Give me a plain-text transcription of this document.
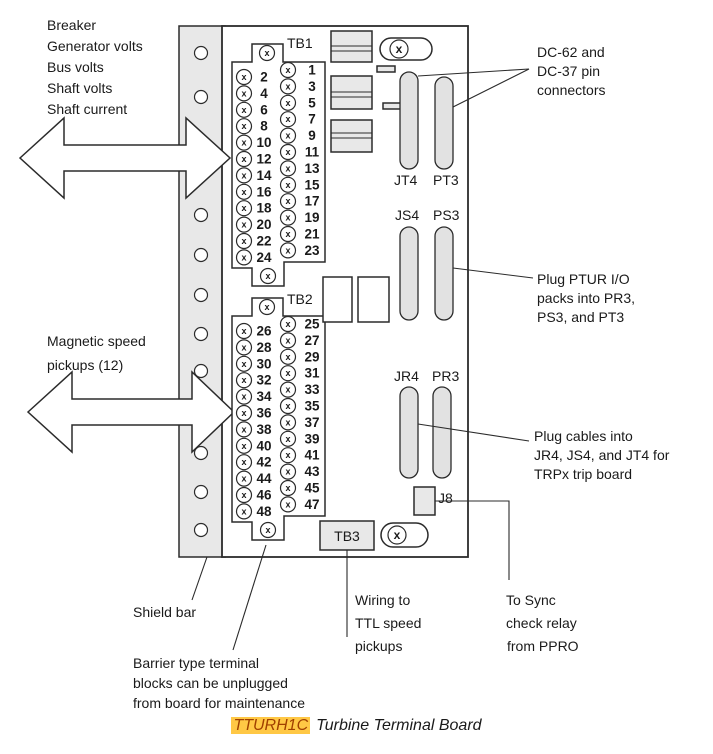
TB1
x
x
x 2
x 4
x 6
x 8
x 10
x 12
x 14
x 16
x 18
x 20
x 22
x 24
x 1
x 3
x 5
x 7
x 9
x 11
x 13
x 15
x 17
x 19
x 21
x 23
TB2
x
x
x 26
x 28
x 30
x 32
x 34
x 36
x 38
x 40
x 42
x 44
x 46
x 48
x 25
x 27
x 29
x 31
x 33
x 35
x 37
x 39
x 41
x 43
x 45
x 47
x
JT4 PT3
JS4 PS3
JR4 PR3
J8
TB3	x
Breaker
Generator volts
Bus volts
Shaft volts
Shaft current
Magnetic speed
pickups (12)
DC-62 and
DC-37 pin
connectors
Plug PTUR I/O
packs into PR3,
PS3, and PT3
Plug cables into
JR4, JS4, and JT4 for
TRPx trip board
Shield bar
Barrier type terminal
blocks can be unplugged
from board for maintenance
Wiring to
TTL speed
pickups
To Sync
check relay
from PPRO
TTURH1C Turbine Terminal Board
